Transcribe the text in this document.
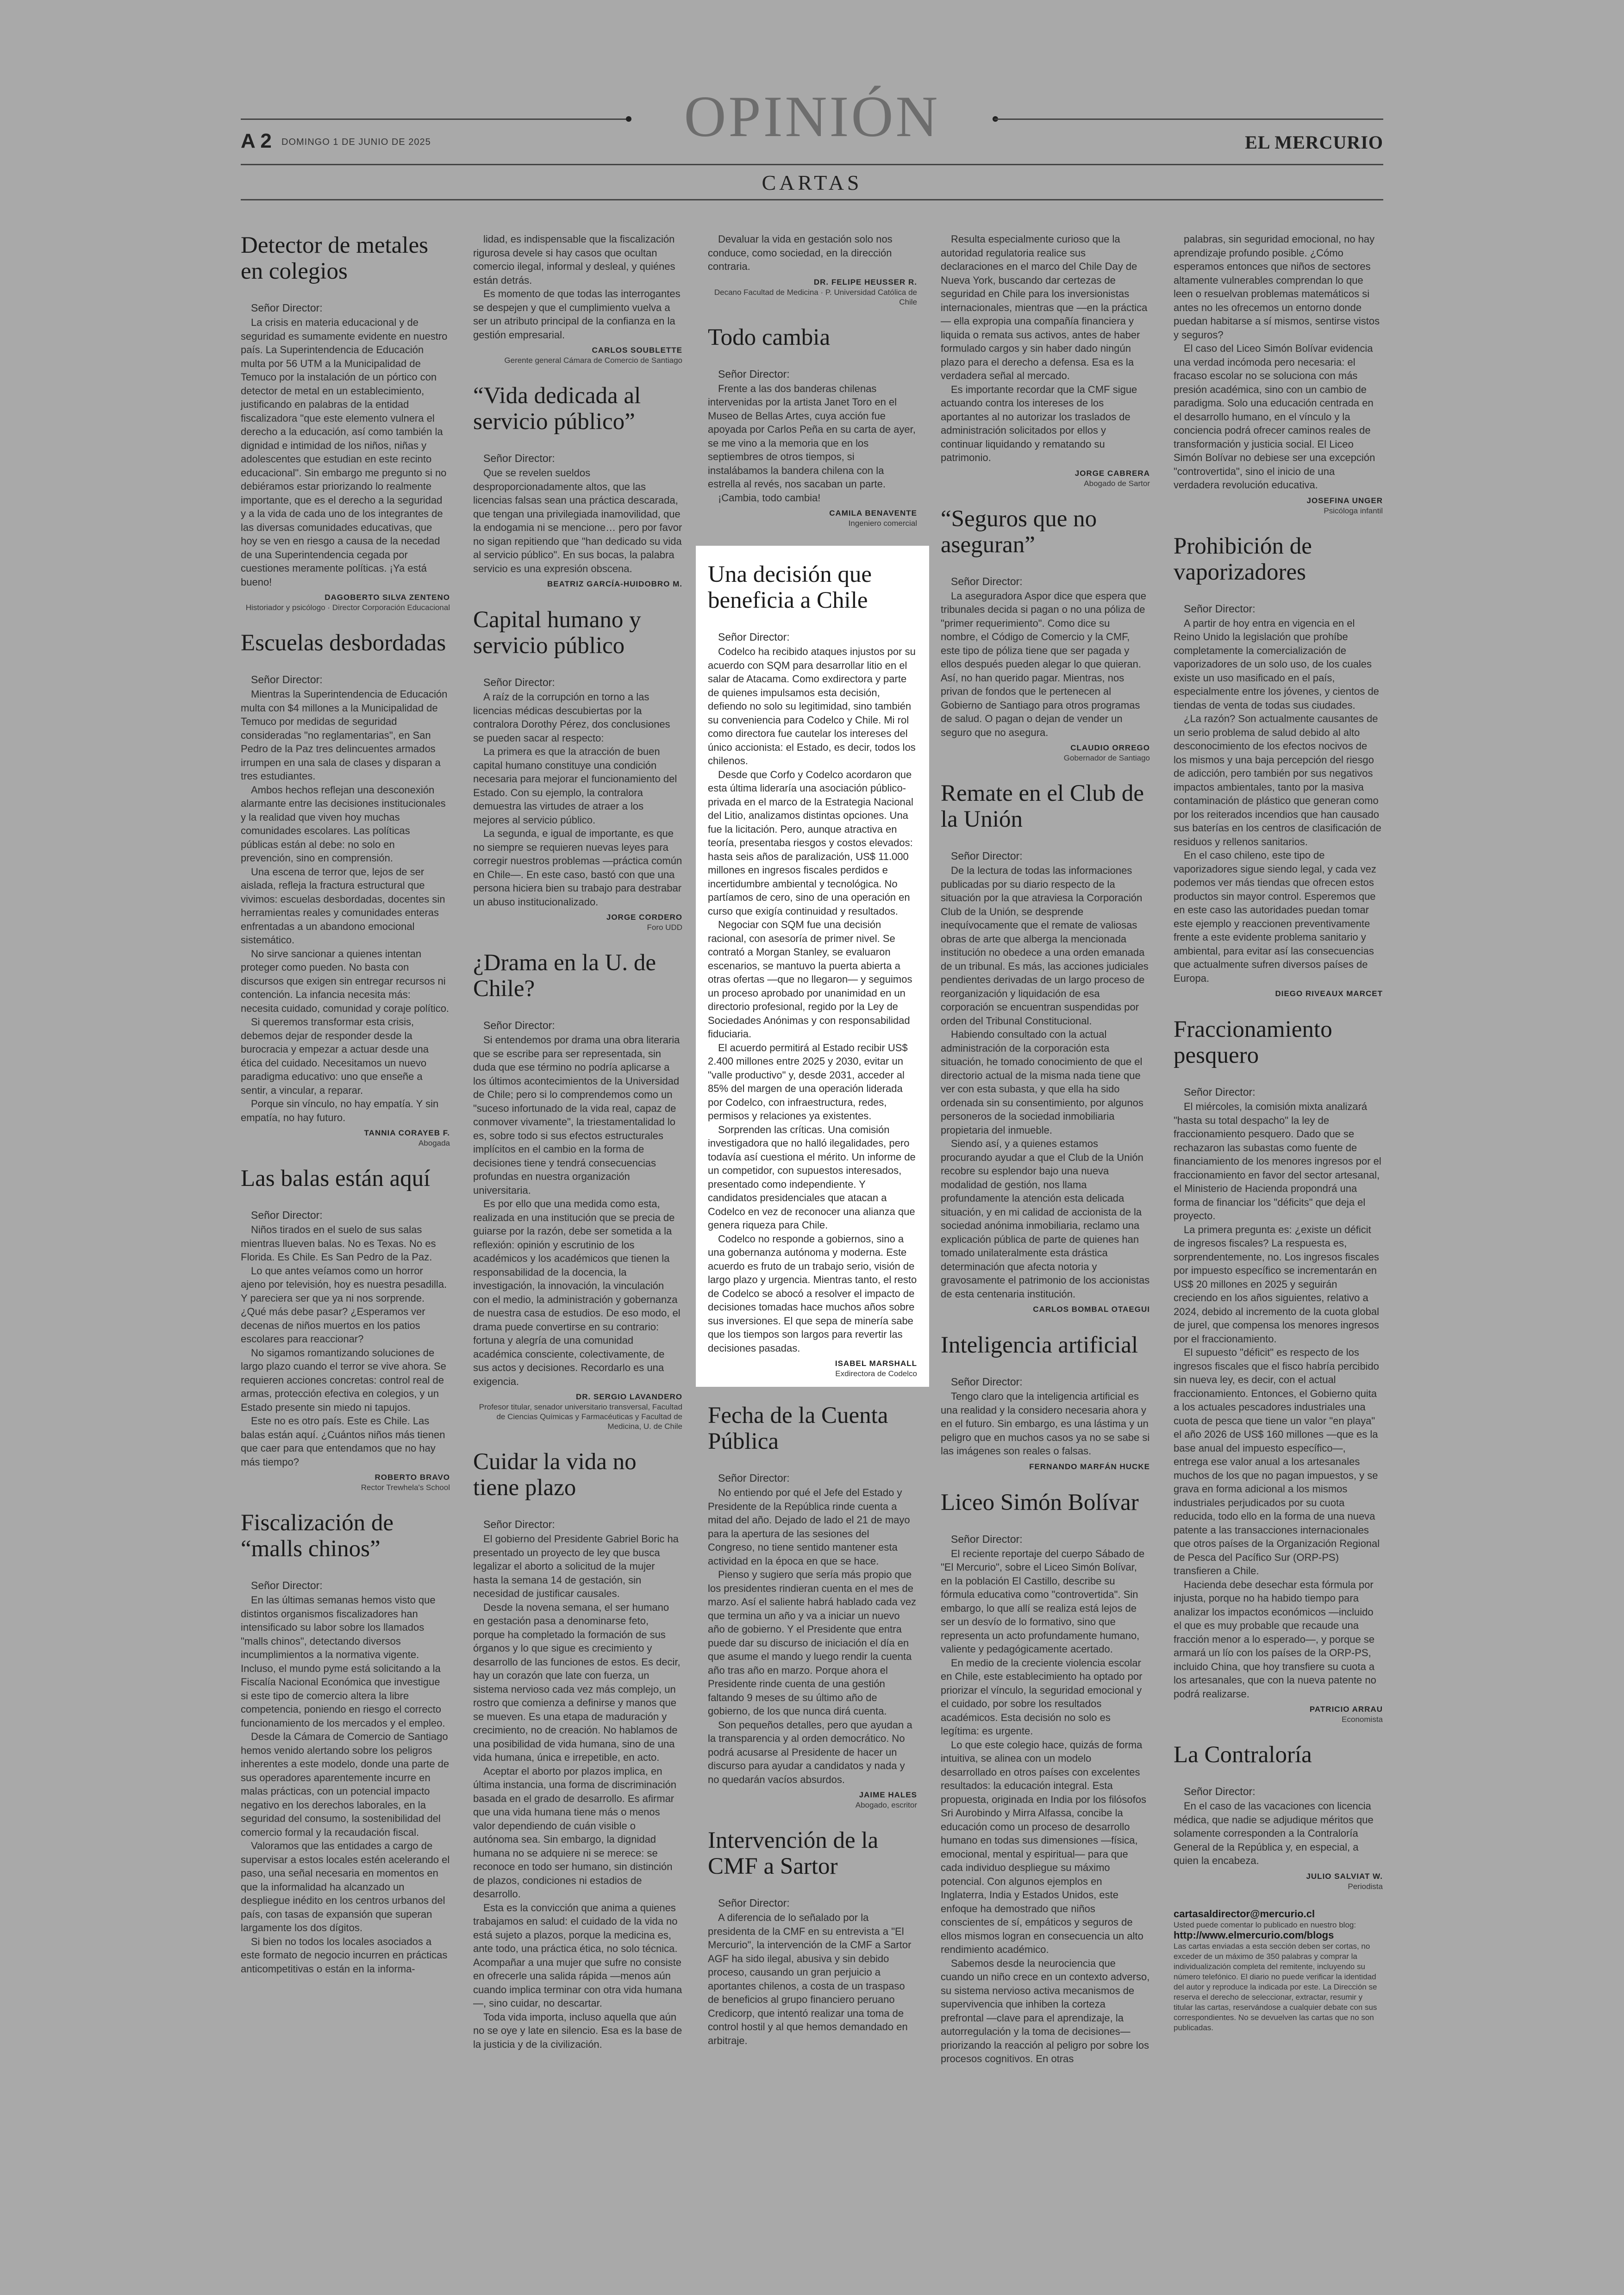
OPINIÓN
A 2 DOMINGO 1 DE JUNIO DE 2025	EL MERCURIO
CARTAS
Detector de metales en colegios

Señor Director:

La crisis en materia educacional y de seguridad es sumamente evidente en nuestro país. La Superintendencia de Educación multa por 56 UTM a la Municipalidad de Temuco por la instalación de un pórtico con detector de metal en un establecimiento, justificando en palabras de la entidad fiscalizadora "que este elemento vulnera el derecho a la educación, así como también la dignidad e intimidad de los niños, niñas y adolescentes que estudian en este recinto educacional". Sin embargo me pregunto si no debiéramos estar priorizando lo realmente importante, que es el derecho a la seguridad y a la vida de cada uno de los integrantes de las diversas comunidades educativas, que hoy se ven en riesgo a causa de la necedad de una Superintendencia cegada por cuestiones meramente políticas. ¡Ya está bueno!

DAGOBERTO SILVA ZENTENO
Historiador y psicólogo · Director Corporación Educacional
Escuelas desbordadas

Señor Director:

Mientras la Superintendencia de Educación multa con $4 millones a la Municipalidad de Temuco por medidas de seguridad consideradas "no reglamentarias", en San Pedro de la Paz tres delincuentes armados irrumpen en una sala de clases y disparan a tres estudiantes.

Ambos hechos reflejan una desconexión alarmante entre las decisiones institucionales y la realidad que viven hoy muchas comunidades escolares. Las políticas públicas están al debe: no solo en prevención, sino en comprensión.

Una escena de terror que, lejos de ser aislada, refleja la fractura estructural que vivimos: escuelas desbordadas, docentes sin herramientas reales y comunidades enteras enfrentadas a un abandono emocional sistemático.

No sirve sancionar a quienes intentan proteger como pueden. No basta con discursos que exigen sin entregar recursos ni contención. La infancia necesita más: necesita cuidado, comunidad y coraje político.

Si queremos transformar esta crisis, debemos dejar de responder desde la burocracia y empezar a actuar desde una ética del cuidado. Necesitamos un nuevo paradigma educativo: uno que enseñe a sentir, a vincular, a reparar.

Porque sin vínculo, no hay empatía. Y sin empatía, no hay futuro.

TANNIA CORAYEB F.
Abogada
Las balas están aquí

Señor Director:

Niños tirados en el suelo de sus salas mientras llueven balas. No es Texas. No es Florida. Es Chile. Es San Pedro de la Paz.

Lo que antes veíamos como un horror ajeno por televisión, hoy es nuestra pesadilla. Y pareciera ser que ya ni nos sorprende. ¿Qué más debe pasar? ¿Esperamos ver decenas de niños muertos en los patios escolares para reaccionar?

No sigamos romantizando soluciones de largo plazo cuando el terror se vive ahora. Se requieren acciones concretas: control real de armas, protección efectiva en colegios, y un Estado presente sin miedo ni tapujos.

Este no es otro país. Este es Chile. Las balas están aquí. ¿Cuántos niños más tienen que caer para que entendamos que no hay más tiempo?

ROBERTO BRAVO
Rector Trewhela's School
Fiscalización de “malls chinos”

Señor Director:

En las últimas semanas hemos visto que distintos organismos fiscalizadores han intensificado su labor sobre los llamados "malls chinos", detectando diversos incumplimientos a la normativa vigente. Incluso, el mundo pyme está solicitando a la Fiscalía Nacional Económica que investigue si este tipo de comercio altera la libre competencia, poniendo en riesgo el correcto funcionamiento de los mercados y el empleo.

Desde la Cámara de Comercio de Santiago hemos venido alertando sobre los peligros inherentes a este modelo, donde una parte de sus operadores aparentemente incurre en malas prácticas, con un potencial impacto negativo en los derechos laborales, en la seguridad del consumo, la sostenibilidad del comercio formal y la recaudación fiscal.

Valoramos que las entidades a cargo de supervisar a estos locales estén acelerando el paso, una señal necesaria en momentos en que la informalidad ha alcanzado un despliegue inédito en los centros urbanos del país, con tasas de expansión que superan largamente los dos dígitos.

Si bien no todos los locales asociados a este formato de negocio incurren en prácticas anticompetitivas o están en la informa-

lidad, es indispensable que la fiscalización rigurosa devele si hay casos que ocultan comercio ilegal, informal y desleal, y quiénes están detrás.

Es momento de que todas las interrogantes se despejen y que el cumplimiento vuelva a ser un atributo principal de la confianza en la gestión empresarial.

CARLOS SOUBLETTE
Gerente general Cámara de Comercio de Santiago
“Vida dedicada al servicio público”

Señor Director:

Que se revelen sueldos desproporcionadamente altos, que las licencias falsas sean una práctica descarada, que tengan una privilegiada inamovilidad, que la endogamia ni se mencione… pero por favor no sigan repitiendo que "han dedicado su vida al servicio público". En sus bocas, la palabra servicio es una expresión obscena.

BEATRIZ GARCÍA-HUIDOBRO M.
Capital humano y servicio público

Señor Director:

A raíz de la corrupción en torno a las licencias médicas descubiertas por la contralora Dorothy Pérez, dos conclusiones se pueden sacar al respecto:

La primera es que la atracción de buen capital humano constituye una condición necesaria para mejorar el funcionamiento del Estado. Con su ejemplo, la contralora demuestra las virtudes de atraer a los mejores al servicio público.

La segunda, e igual de importante, es que no siempre se requieren nuevas leyes para corregir nuestros problemas —práctica común en Chile—. En este caso, bastó con que una persona hiciera bien su trabajo para destrabar un abuso institucionalizado.

JORGE CORDERO
Foro UDD
¿Drama en la U. de Chile?

Señor Director:

Si entendemos por drama una obra literaria que se escribe para ser representada, sin duda que ese término no podría aplicarse a los últimos acontecimientos de la Universidad de Chile; pero si lo comprendemos como un "suceso infortunado de la vida real, capaz de conmover vivamente", la triestamentalidad lo es, sobre todo si sus efectos estructurales implícitos en el cambio en la forma de decisiones tiene y tendrá consecuencias profundas en nuestra organización universitaria.

Es por ello que una medida como esta, realizada en una institución que se precia de guiarse por la razón, debe ser sometida a la reflexión: opinión y escrutinio de los académicos y los académicos que tienen la responsabilidad de la docencia, la investigación, la innovación, la vinculación con el medio, la administración y gobernanza de nuestra casa de estudios. De eso modo, el drama puede convertirse en su contrario: fortuna y alegría de una comunidad académica consciente, colectivamente, de sus actos y decisiones. Recordarlo es una exigencia.

DR. SERGIO LAVANDERO
Profesor titular, senador universitario transversal, Facultad de Ciencias Químicas y Farmacéuticas y Facultad de Medicina, U. de Chile
Cuidar la vida no tiene plazo

Señor Director:

El gobierno del Presidente Gabriel Boric ha presentado un proyecto de ley que busca legalizar el aborto a solicitud de la mujer hasta la semana 14 de gestación, sin necesidad de justificar causales.

Desde la novena semana, el ser humano en gestación pasa a denominarse feto, porque ha completado la formación de sus órganos y lo que sigue es crecimiento y desarrollo de las funciones de estos. Es decir, hay un corazón que late con fuerza, un sistema nervioso cada vez más complejo, un rostro que comienza a definirse y manos que se mueven. Es una etapa de maduración y crecimiento, no de creación. No hablamos de una posibilidad de vida humana, sino de una vida humana, única e irrepetible, en acto.

Aceptar el aborto por plazos implica, en última instancia, una forma de discriminación basada en el grado de desarrollo. Es afirmar que una vida humana tiene más o menos valor dependiendo de cuán visible o autónoma sea. Sin embargo, la dignidad humana no se adquiere ni se merece: se reconoce en todo ser humano, sin distinción de plazos, condiciones ni estadios de desarrollo.

Esta es la convicción que anima a quienes trabajamos en salud: el cuidado de la vida no está sujeto a plazos, porque la medicina es, ante todo, una práctica ética, no solo técnica. Acompañar a una mujer que sufre no consiste en ofrecerle una salida rápida —menos aún cuando implica terminar con otra vida humana—, sino cuidar, no descartar.

Toda vida importa, incluso aquella que aún no se oye y late en silencio. Esa es la base de la justicia y de la civilización.

Devaluar la vida en gestación solo nos conduce, como sociedad, en la dirección contraria.

DR. FELIPE HEUSSER R.
Decano Facultad de Medicina · P. Universidad Católica de Chile
Todo cambia

Señor Director:

Frente a las dos banderas chilenas intervenidas por la artista Janet Toro en el Museo de Bellas Artes, cuya acción fue apoyada por Carlos Peña en su carta de ayer, se me vino a la memoria que en los septiembres de otros tiempos, si instalábamos la bandera chilena con la estrella al revés, nos sacaban un parte.

¡Cambia, todo cambia!

CAMILA BENAVENTE
Ingeniero comercial
Una decisión que beneficia a Chile

Señor Director:

Codelco ha recibido ataques injustos por su acuerdo con SQM para desarrollar litio en el salar de Atacama. Como exdirectora y parte de quienes impulsamos esta decisión, defiendo no solo su legitimidad, sino también su conveniencia para Codelco y Chile. Mi rol como directora fue cautelar los intereses del único accionista: el Estado, es decir, todos los chilenos.

Desde que Corfo y Codelco acordaron que esta última lideraría una asociación público-privada en el marco de la Estrategia Nacional del Litio, analizamos distintas opciones. Una fue la licitación. Pero, aunque atractiva en teoría, presentaba riesgos y costos elevados: hasta seis años de paralización, US$ 11.000 millones en ingresos fiscales perdidos e incertidumbre ambiental y tecnológica. No partíamos de cero, sino de una operación en curso que exigía continuidad y resultados.

Negociar con SQM fue una decisión racional, con asesoría de primer nivel. Se contrató a Morgan Stanley, se evaluaron escenarios, se mantuvo la puerta abierta a otras ofertas —que no llegaron— y seguimos un proceso aprobado por unanimidad en un directorio profesional, regido por la Ley de Sociedades Anónimas y con responsabilidad fiduciaria.

El acuerdo permitirá al Estado recibir US$ 2.400 millones entre 2025 y 2030, evitar un "valle productivo" y, desde 2031, acceder al 85% del margen de una operación liderada por Codelco, con infraestructura, redes, permisos y relaciones ya existentes.

Sorprenden las críticas. Una comisión investigadora que no halló ilegalidades, pero todavía así cuestiona el mérito. Un informe de un competidor, con supuestos interesados, presentado como independiente. Y candidatos presidenciales que atacan a Codelco en vez de reconocer una alianza que genera riqueza para Chile.

Codelco no responde a gobiernos, sino a una gobernanza autónoma y moderna. Este acuerdo es fruto de un trabajo serio, visión de largo plazo y urgencia. Mientras tanto, el resto de Codelco se abocó a resolver el impacto de decisiones tomadas hace muchos años sobre sus inversiones. El que sepa de minería sabe que los tiempos son largos para revertir las decisiones pasadas.

ISABEL MARSHALL
Exdirectora de Codelco
Fecha de la Cuenta Pública

Señor Director:

No entiendo por qué el Jefe del Estado y Presidente de la República rinde cuenta a mitad del año. Dejado de lado el 21 de mayo para la apertura de las sesiones del Congreso, no tiene sentido mantener esta actividad en la época en que se hace.

Pienso y sugiero que sería más propio que los presidentes rindieran cuenta en el mes de marzo. Así el saliente habrá hablado cada vez que termina un año y va a iniciar un nuevo año de gobierno. Y el Presidente que entra puede dar su discurso de iniciación el día en que asume el mando y luego rendir la cuenta año tras año en marzo. Porque ahora el Presidente rinde cuenta de una gestión faltando 9 meses de su último año de gobierno, de los que nunca dirá cuenta.

Son pequeños detalles, pero que ayudan a la transparencia y al orden democrático. No podrá acusarse al Presidente de hacer un discurso para ayudar a candidatos y nada y no quedarán vacíos absurdos.

JAIME HALES
Abogado, escritor
Intervención de la CMF a Sartor

Señor Director:

A diferencia de lo señalado por la presidenta de la CMF en su entrevista a "El Mercurio", la intervención de la CMF a Sartor AGF ha sido ilegal, abusiva y sin debido proceso, causando un gran perjuicio a aportantes chilenos, a costa de un traspaso de beneficios al grupo financiero peruano Credicorp, que intentó realizar una toma de control hostil y al que hemos demandado en arbitraje.

Resulta especialmente curioso que la autoridad regulatoria realice sus declaraciones en el marco del Chile Day de Nueva York, buscando dar certezas de seguridad en Chile para los inversionistas internacionales, mientras que —en la práctica— ella expropia una compañía financiera y liquida o remata sus activos, antes de haber formulado cargos y sin haber dado ningún plazo para el derecho a defensa. Esa es la verdadera señal al mercado.

Es importante recordar que la CMF sigue actuando contra los intereses de los aportantes al no autorizar los traslados de administración solicitados por ellos y continuar liquidando y rematando su patrimonio.

JORGE CABRERA
Abogado de Sartor
“Seguros que no aseguran”

Señor Director:

La aseguradora Aspor dice que espera que tribunales decida si pagan o no una póliza de "primer requerimiento". Como dice su nombre, el Código de Comercio y la CMF, este tipo de póliza tiene que ser pagada y ellos después pueden alegar lo que quieran. Así, no han querido pagar. Mientras, nos privan de fondos que le pertenecen al Gobierno de Santiago para otros programas de salud. O pagan o dejan de vender un seguro que no asegura.

CLAUDIO ORREGO
Gobernador de Santiago
Remate en el Club de la Unión

Señor Director:

De la lectura de todas las informaciones publicadas por su diario respecto de la situación por la que atraviesa la Corporación Club de la Unión, se desprende inequívocamente que el remate de valiosas obras de arte que alberga la mencionada institución no obedece a una orden emanada de un tribunal. Es más, las acciones judiciales pendientes derivadas de un largo proceso de reorganización y liquidación de esa corporación se encuentran suspendidas por orden del Tribunal Constitucional.

Habiendo consultado con la actual administración de la corporación esta situación, he tomado conocimiento de que el directorio actual de la misma nada tiene que ver con esta subasta, y que ella ha sido ordenada sin su consentimiento, por algunos personeros de la sociedad inmobiliaria propietaria del inmueble.

Siendo así, y a quienes estamos procurando ayudar a que el Club de la Unión recobre su esplendor bajo una nueva modalidad de gestión, nos llama profundamente la atención esta delicada situación, y en mi calidad de accionista de la sociedad anónima inmobiliaria, reclamo una explicación pública de parte de quienes han tomado unilateralmente esta drástica determinación que afecta notoria y gravosamente el patrimonio de los accionistas de esta centenaria institución.

CARLOS BOMBAL OTAEGUI
Inteligencia artificial

Señor Director:

Tengo claro que la inteligencia artificial es una realidad y la considero necesaria ahora y en el futuro. Sin embargo, es una lástima y un peligro que en muchos casos ya no se sabe si las imágenes son reales o falsas.

FERNANDO MARFÁN HUCKE
Liceo Simón Bolívar

Señor Director:

El reciente reportaje del cuerpo Sábado de "El Mercurio", sobre el Liceo Simón Bolívar, en la población El Castillo, describe su fórmula educativa como "controvertida". Sin embargo, lo que allí se realiza está lejos de ser un desvío de lo formativo, sino que representa un acto profundamente humano, valiente y pedagógicamente acertado.

En medio de la creciente violencia escolar en Chile, este establecimiento ha optado por priorizar el vínculo, la seguridad emocional y el cuidado, por sobre los resultados académicos. Esta decisión no solo es legítima: es urgente.

Lo que este colegio hace, quizás de forma intuitiva, se alinea con un modelo desarrollado en otros países con excelentes resultados: la educación integral. Esta propuesta, originada en India por los filósofos Sri Aurobindo y Mirra Alfassa, concibe la educación como un proceso de desarrollo humano en todas sus dimensiones —física, emocional, mental y espiritual— para que cada individuo despliegue su máximo potencial. Con algunos ejemplos en Inglaterra, India y Estados Unidos, este enfoque ha demostrado que niños conscientes de sí, empáticos y seguros de ellos mismos logran en consecuencia un alto rendimiento académico.

Sabemos desde la neurociencia que cuando un niño crece en un contexto adverso, su sistema nervioso activa mecanismos de supervivencia que inhiben la corteza prefrontal —clave para el aprendizaje, la autorregulación y la toma de decisiones— priorizando la reacción al peligro por sobre los procesos cognitivos. En otras

palabras, sin seguridad emocional, no hay aprendizaje profundo posible. ¿Cómo esperamos entonces que niños de sectores altamente vulnerables comprendan lo que leen o resuelvan problemas matemáticos si antes no les ofrecemos un entorno donde puedan habitarse a sí mismos, sentirse vistos y seguros?

El caso del Liceo Simón Bolívar evidencia una verdad incómoda pero necesaria: el fracaso escolar no se soluciona con más presión académica, sino con un cambio de paradigma. Solo una educación centrada en el desarrollo humano, en el vínculo y la conciencia podrá ofrecer caminos reales de transformación y justicia social. El Liceo Simón Bolívar no debiese ser una excepción "controvertida", sino el inicio de una verdadera revolución educativa.

JOSEFINA UNGER
Psicóloga infantil
Prohibición de vaporizadores

Señor Director:

A partir de hoy entra en vigencia en el Reino Unido la legislación que prohíbe completamente la comercialización de vaporizadores de un solo uso, de los cuales existe un uso masificado en el país, especialmente entre los jóvenes, y cientos de tiendas de venta de todas sus ciudades.

¿La razón? Son actualmente causantes de un serio problema de salud debido al alto desconocimiento de los efectos nocivos de los mismos y una baja percepción del riesgo de adicción, pero también por sus negativos impactos ambientales, tanto por la masiva contaminación de plástico que generan como por los reiterados incendios que han causado sus baterías en los centros de clasificación de residuos y rellenos sanitarios.

En el caso chileno, este tipo de vaporizadores sigue siendo legal, y cada vez podemos ver más tiendas que ofrecen estos productos sin mayor control. Esperemos que en este caso las autoridades puedan tomar este ejemplo y reaccionen preventivamente frente a este evidente problema sanitario y ambiental, para evitar así las consecuencias que actualmente sufren diversos países de Europa.

DIEGO RIVEAUX MARCET
Fraccionamiento pesquero

Señor Director:

El miércoles, la comisión mixta analizará "hasta su total despacho" la ley de fraccionamiento pesquero. Dado que se rechazaron las subastas como fuente de financiamiento de los menores ingresos por el fraccionamiento en favor del sector artesanal, el Ministerio de Hacienda propondrá una forma de financiar los "déficits" que deja el proyecto.

La primera pregunta es: ¿existe un déficit de ingresos fiscales? La respuesta es, sorprendentemente, no. Los ingresos fiscales por impuesto específico se incrementarán en US$ 20 millones en 2025 y seguirán creciendo en los años siguientes, relativo a 2024, debido al incremento de la cuota global de jurel, que compensa los menores ingresos por el fraccionamiento.

El supuesto "déficit" es respecto de los ingresos fiscales que el fisco habría percibido sin nueva ley, es decir, con el actual fraccionamiento. Entonces, el Gobierno quita a los actuales pescadores industriales una cuota de pesca que tiene un valor "en playa" el año 2026 de US$ 160 millones —que es la base anual del impuesto específico—, entrega ese valor anual a los artesanales muchos de los que no pagan impuestos, y se grava en forma adicional a los mismos industriales perjudicados por su cuota reducida, todo ello en la forma de una nueva patente a las transacciones internacionales que otros países de la Organización Regional de Pesca del Pacífico Sur (ORP-PS) transfieren a Chile.

Hacienda debe desechar esta fórmula por injusta, porque no ha habido tiempo para analizar los impactos económicos —incluido el que es muy probable que recaude una fracción menor a lo esperado—, y porque se armará un lío con los países de la ORP-PS, incluido China, que hoy transfiere su cuota a los artesanales, que con la nueva patente no podrá realizarse.

PATRICIO ARRAU
Economista
La Contraloría

Señor Director:

En el caso de las vacaciones con licencia médica, que nadie se adjudique méritos que solamente corresponden a la Contraloría General de la República y, en especial, a quien la encabeza.

JULIO SALVIAT W.
Periodista
cartasaldirector@mercurio.cl
Usted puede comentar lo publicado en nuestro blog:
http://www.elmercurio.com/blogs
Las cartas enviadas a esta sección deben ser cortas, no exceder de un máximo de 350 palabras y comprar la individualización completa del remitente, incluyendo su número telefónico. El diario no puede verificar la identidad del autor y reproduce la indicada por este. La Dirección se reserva el derecho de seleccionar, extractar, resumir y titular las cartas, reservándose a cualquier debate con sus correspondientes. No se devuelven las cartas que no son publicadas.
